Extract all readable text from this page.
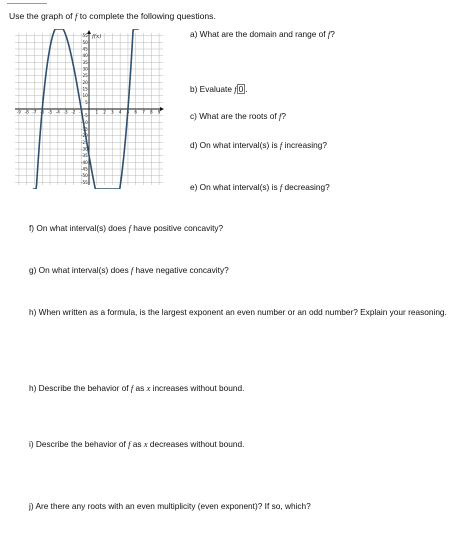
Use the graph of f to complete the following questions.
-9 -8 -7 -6 -5 -4 -3 -2 -1	1 2 3 4 5 6 7 8 9
55
50
45
40
35
30
25
20
15
10
5
-5
-10
-15
-20
-25
-30
-35
-40
-45
-50
-55
f(x)	a) What are the domain and range of f?
b) Evaluate f 0 .
c) What are the roots of f?
d) On what interval(s) is f increasing?
e) On what interval(s) is f decreasing?
f) On what interval(s) does f have positive concavity?
g) On what interval(s) does f have negative concavity?
h) When written as a formula, is the largest exponent an even number or an odd number? Explain your reasoning.
h) Describe the behavior of f as x increases without bound.
i) Describe the behavior of f as x decreases without bound.
j) Are there any roots with an even multiplicity (even exponent)? If so, which?
